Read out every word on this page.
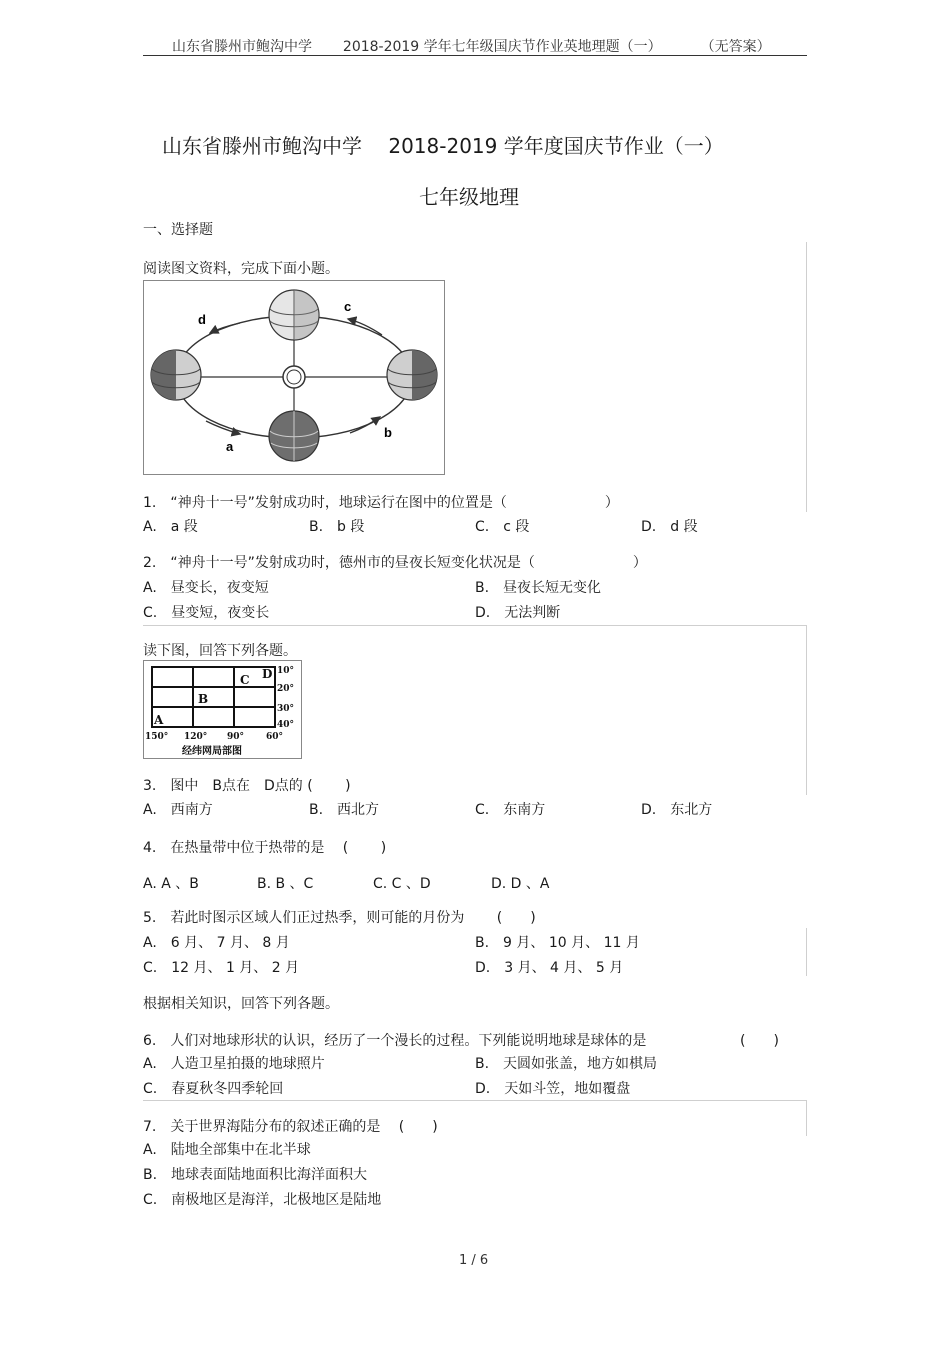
山东省滕州市鲍沟中学 2018-2019 学年七年级国庆节作业英地理题（一）	（无答案）
山东省滕州市鲍沟中学　 2018-2019 学年度国庆节作业（一）
七年级地理
一、选择题
阅读图文资料，完成下面小题。
d
c
a
b
1.　“神舟十一号”发射成功时，地球运行在图中的位置是（　　　　　　　）
A.　a 段	B.　b 段	C.　c 段	D.　d 段
2.　“神舟十一号”发射成功时，德州市的昼夜长短变化状况是（　　　　　　　）
A.　昼变长，夜变短	B.　昼夜长短无变化
C.　昼变短，夜变长	D.　无法判断
读下图，回答下列各题。
A
B
C D 10°
20°
30°
40°
150° 120° 90° 60°
经纬网局部图
3.　图中　B点在　D点的 (　　 )
A.　西南方	B.　西北方	C.　东南方	D.　东北方
4.　在热量带中位于热带的是　 (　　 )
A. A 、B	B. B 、C	C. C 、D	D. D 、A
5.　若此时图示区域人们正过热季，则可能的月份为　　 (　　)
A.　6 月、 7 月、 8 月	B.　9 月、 10 月、 11 月
C.　12 月、 1 月、 2 月	D.　3 月、 4 月、 5 月
根据相关知识，回答下列各题。
6.　人们对地球形状的认识，经历了一个漫长的过程。下列能说明地球是球体的是	(　　)
A.　人造卫星拍摄的地球照片	B.　天圆如张盖，地方如棋局
C.　春夏秋冬四季轮回	D.　天如斗笠，地如覆盘
7.　关于世界海陆分布的叙述正确的是　 (　　)
A.　陆地全部集中在北半球
B.　地球表面陆地面积比海洋面积大
C.　南极地区是海洋，北极地区是陆地
1 / 6
